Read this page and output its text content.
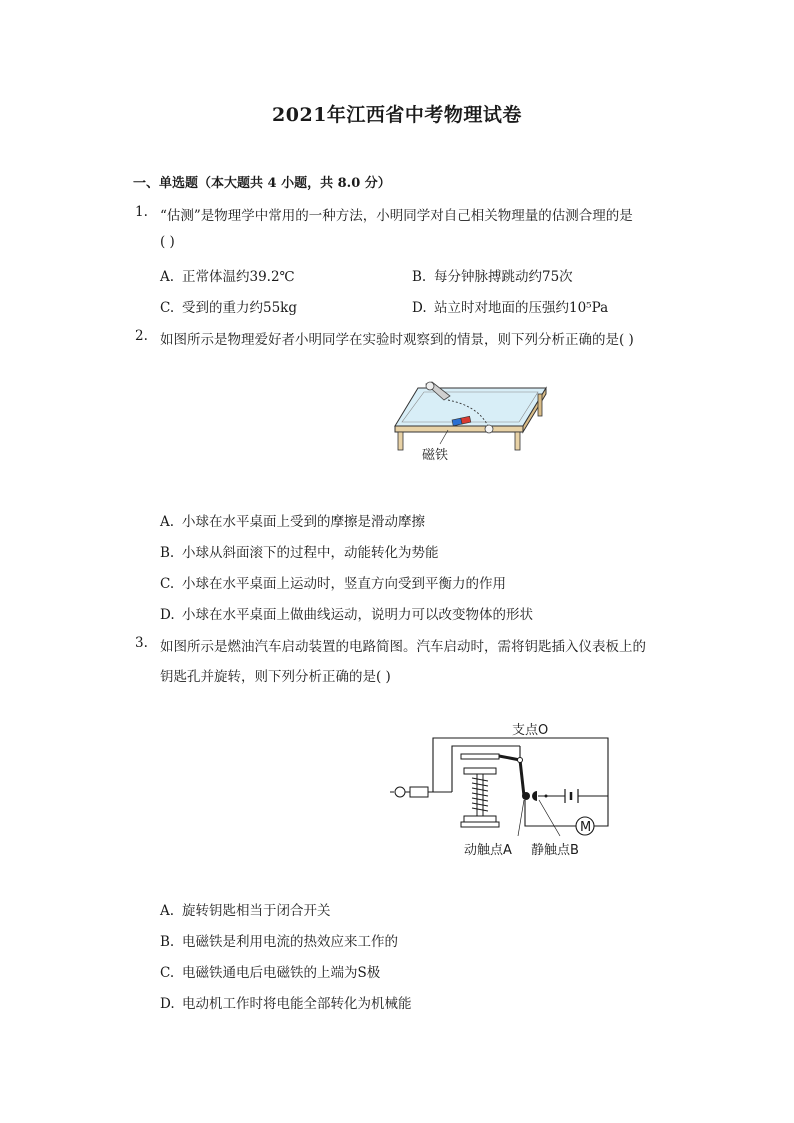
2021年江西省中考物理试卷
一、单选题（本大题共 4 小题，共 8.0 分）
1. “估测”是物理学中常用的一种方法，小明同学对自己相关物理量的估测合理的是
( )
A. 正常体温约39.2℃	B. 每分钟脉搏跳动约75次
C. 受到的重力约55kg	D. 站立时对地面的压强约10⁵Pa
2. 如图所示是物理爱好者小明同学在实验时观察到的情景，则下列分析正确的是( )
磁铁
A. 小球在水平桌面上受到的摩擦是滑动摩擦
B. 小球从斜面滚下的过程中，动能转化为势能
C. 小球在水平桌面上运动时，竖直方向受到平衡力的作用
D. 小球在水平桌面上做曲线运动，说明力可以改变物体的形状
3. 如图所示是燃油汽车启动装置的电路简图。汽车启动时，需将钥匙插入仪表板上的
钥匙孔并旋转，则下列分析正确的是( )
M
支点O
动触点A 静触点B
A. 旋转钥匙相当于闭合开关
B. 电磁铁是利用电流的热效应来工作的
C. 电磁铁通电后电磁铁的上端为S极
D. 电动机工作时将电能全部转化为机械能
